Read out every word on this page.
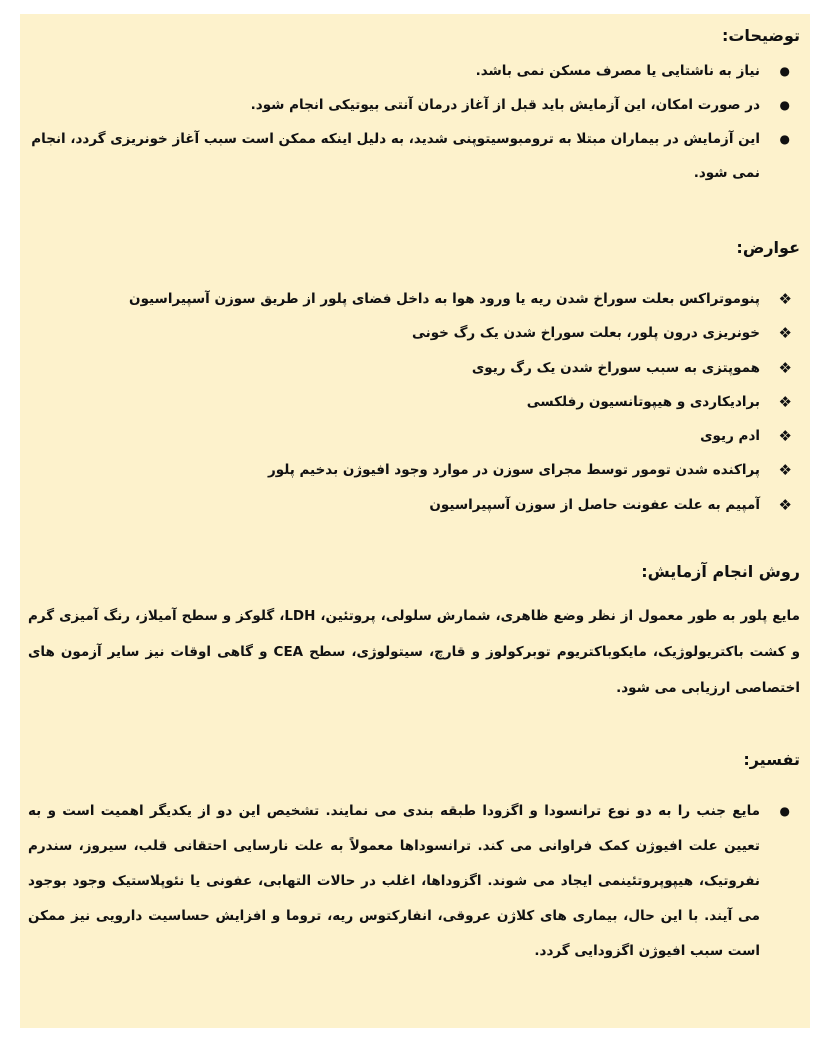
توضیحات:
●
نیاز به ناشتایی یا مصرف مسکن نمی باشد.
●
در صورت امکان، این آزمایش باید قبل از آغاز درمان آنتی بیوتیکی انجام شود.
●
این آزمایش در بیماران مبتلا به ترومبوسیتوپنی شدید، به دلیل اینکه ممکن است سبب آغاز خونریزی گردد، انجام نمی شود.
عوارض:
❖
پنوموتراکس بعلت سوراخ شدن ریه یا ورود هوا به داخل فضای پلور از طریق سوزن آسپیراسیون
❖
خونریزی درون پلور، بعلت سوراخ شدن یک رگ خونی
❖
هموپتزی به سبب سوراخ شدن یک رگ ریوی
❖
برادیکاردی و هیپوتانسیون رفلکسی
❖
ادم ریوی
❖
پراکنده شدن تومور توسط مجرای سوزن در موارد وجود افیوژن بدخیم پلور
❖
آمپیم به علت عفونت حاصل از سوزن آسپیراسیون
روش انجام آزمایش:

مایع پلور به طور معمول از نظر وضع ظاهری، شمارش سلولی، پروتئین، LDH، گلوکز و سطح آمیلاز، رنگ آمیزی گرم و کشت باکتریولوژیک، مایکوباکتریوم توبرکولوز و قارچ، سیتولوژی، سطح CEA و گاهی اوقات نیز سایر آزمون های اختصاصی ارزیابی می شود.

تفسیر:
●
مایع جنب را به دو نوع ترانسودا و اگزودا طبقه بندی می نمایند. تشخیص این دو از یکدیگر اهمیت است و به تعیین علت افیوژن کمک فراوانی می کند. ترانسوداها معمولاً به علت نارسایی احتقانی قلب، سیروز، سندرم نفروتیک، هیپوپروتئینمی ایجاد می شوند. اگزوداها، اغلب در حالات التهابی، عفونی یا نئوپلاستیک وجود بوجود می آیند. با این حال، بیماری های کلاژن عروقی، انفارکتوس ریه، تروما و افزایش حساسیت دارویی نیز ممکن است سبب افیوژن اگزودایی گردد.
